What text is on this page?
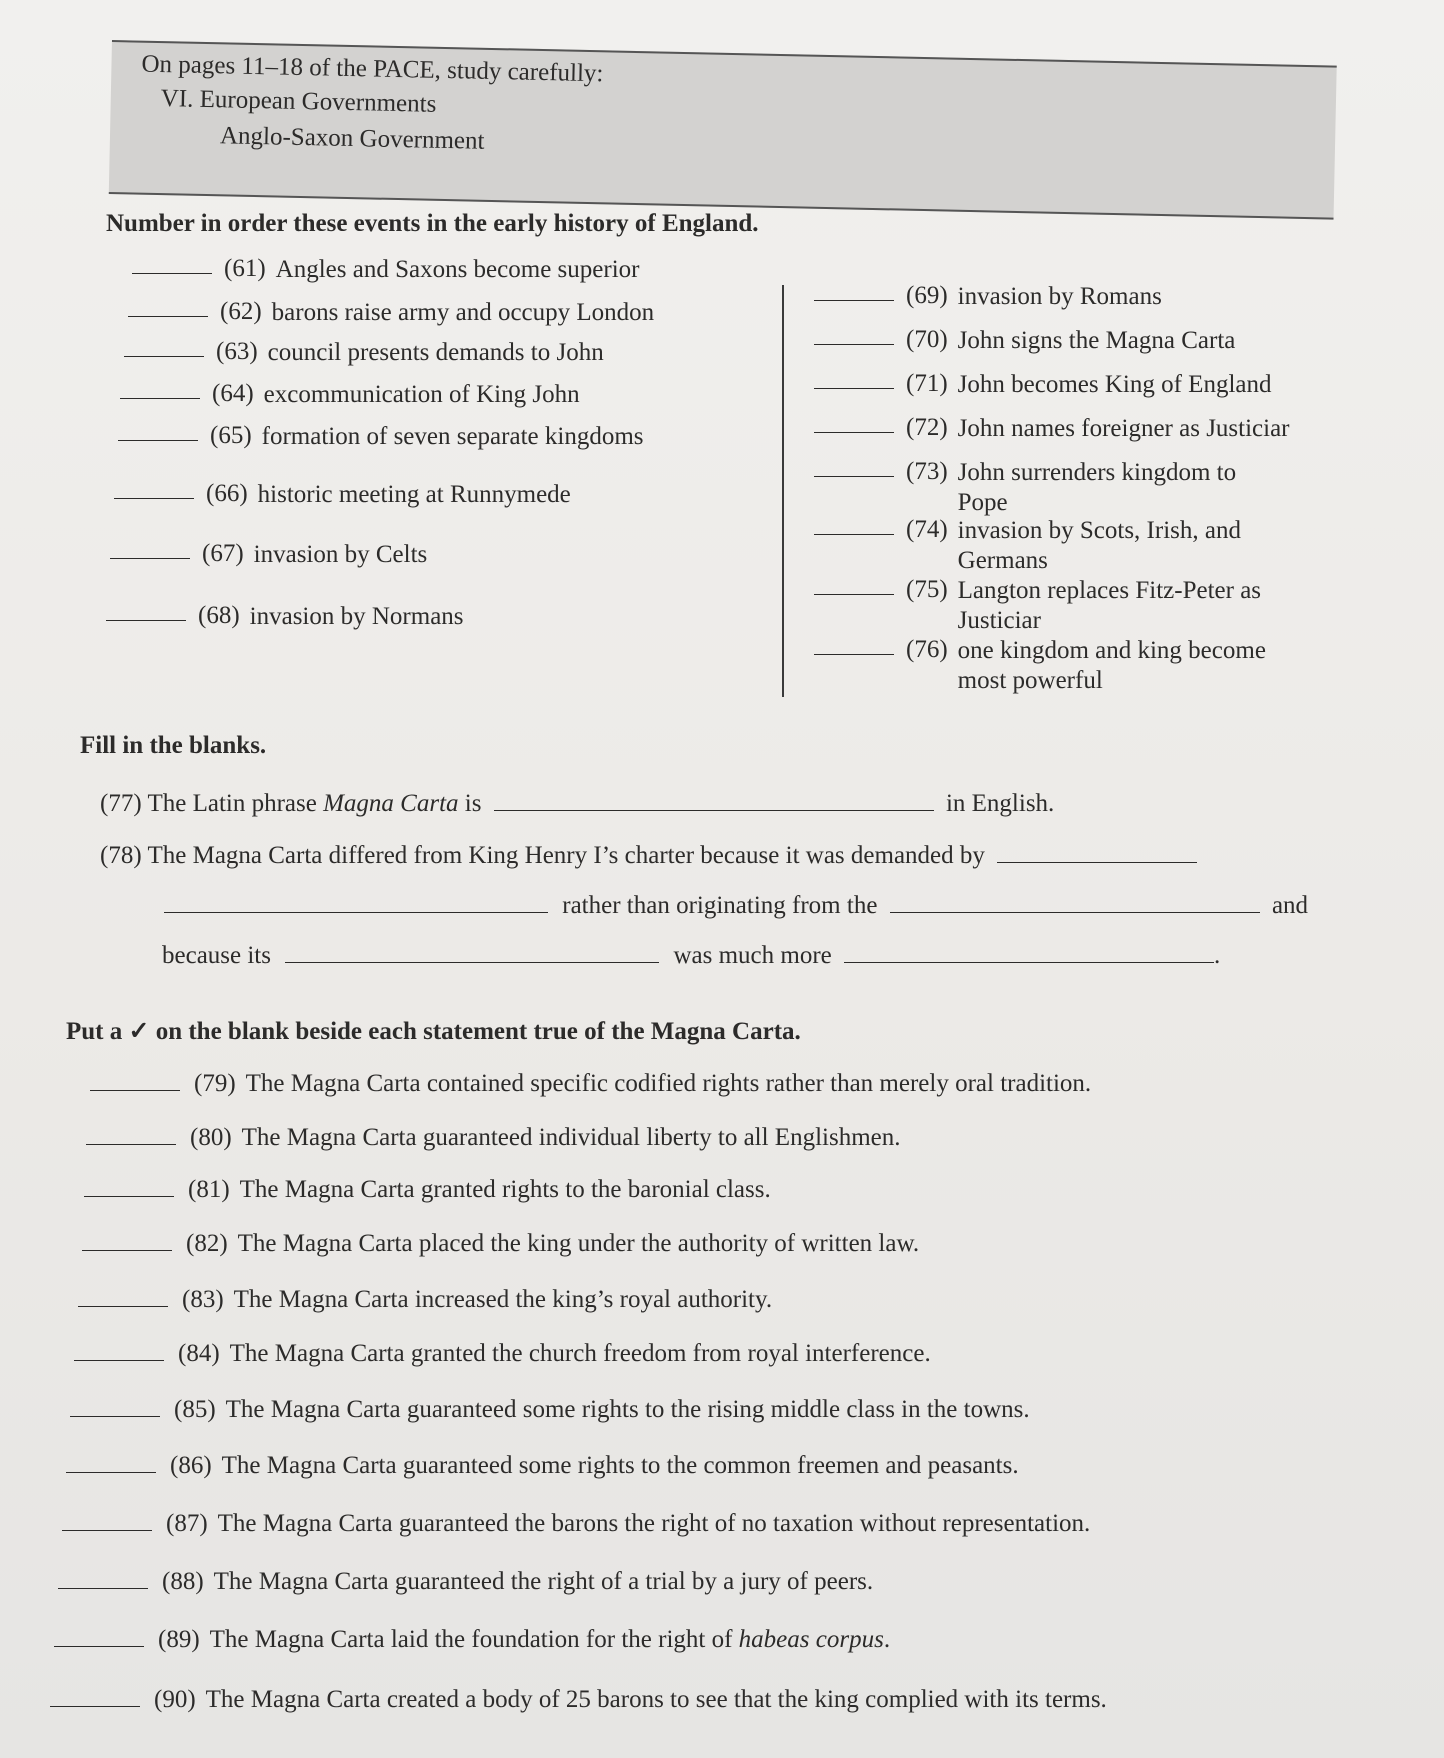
On pages 11–18 of the PACE, study carefully:
VI. European Governments
Anglo-Saxon Government
Number in order these events in the early history of England.
(61) Angles and Saxons become superior
(62) barons raise army and occupy London
(63) council presents demands to John
(64) excommunication of King John
(65) formation of seven separate kingdoms
(66) historic meeting at Runnymede
(67) invasion by Celts
(68) invasion by Normans
(69) invasion by Romans
(70) John signs the Magna Carta
(71) John becomes King of England
(72) John names foreigner as Justiciar
(73) John surrenders kingdom to Pope
(74) invasion by Scots, Irish, and Germans
(75) Langton replaces Fitz-Peter as Justiciar
(76) one kingdom and king become most powerful
Fill in the blanks.
(77) The Latin phrase Magna Carta is	in English.
(78) The Magna Carta differed from King Henry I’s charter because it was demanded by
rather than originating from the	and
because its	was much more	.
Put a ✓ on the blank beside each statement true of the Magna Carta.
(79) The Magna Carta contained specific codified rights rather than merely oral tradition.
(80) The Magna Carta guaranteed individual liberty to all Englishmen.
(81) The Magna Carta granted rights to the baronial class.
(82) The Magna Carta placed the king under the authority of written law.
(83) The Magna Carta increased the king’s royal authority.
(84) The Magna Carta granted the church freedom from royal interference.
(85) The Magna Carta guaranteed some rights to the rising middle class in the towns.
(86) The Magna Carta guaranteed some rights to the common freemen and peasants.
(87) The Magna Carta guaranteed the barons the right of no taxation without representation.
(88) The Magna Carta guaranteed the right of a trial by a jury of peers.
(89) The Magna Carta laid the foundation for the right of habeas corpus.
(90) The Magna Carta created a body of 25 barons to see that the king complied with its terms.
